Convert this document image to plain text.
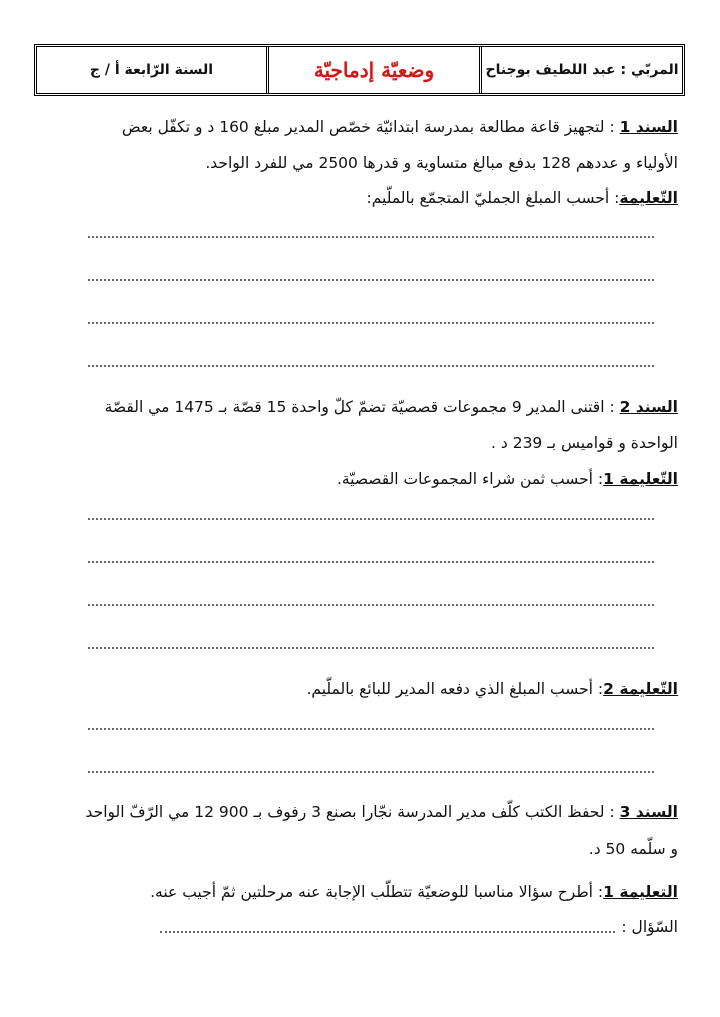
المربّي : عبد اللطيف بوجناح
وضعيّة إدماجيّة
السنة الرّابعة أ / ج
السند 1 : لتجهيز قاعة مطالعة بمدرسة ابتدائيّة خصّص المدير مبلغ 160 د و تكفّل بعض
الأولياء و عددهم 128 بدفع مبالغ متساوية و قدرها 2500 مي للفرد الواحد.
التّعليمة: أحسب المبلغ الجمليّ المتجمّع بالملّيم:
السند 2 : اقتنى المدير 9 مجموعات قصصيّة تضمّ كلّ واحدة 15 قصّة بـ 1475 مي القصّة
الواحدة و قواميس بـ 239 د .
التّعليمة 1: أحسب ثمن شراء المجموعات القصصيّة.
التّعليمة 2: أحسب المبلغ الذي دفعه المدير للبائع بالملّيم.
السند 3 : لحفظ الكتب كلّف مدير المدرسة نجّارا بصنع 3 رفوف بـ 900 12 مي الرّفّ الواحد
و سلّمه 50 د.
التعليمة 1: أطرح سؤالا مناسبا للوضعيّة تتطلّب الإجابة عنه مرحلتين ثمّ أجيب عنه.
السّؤال :
